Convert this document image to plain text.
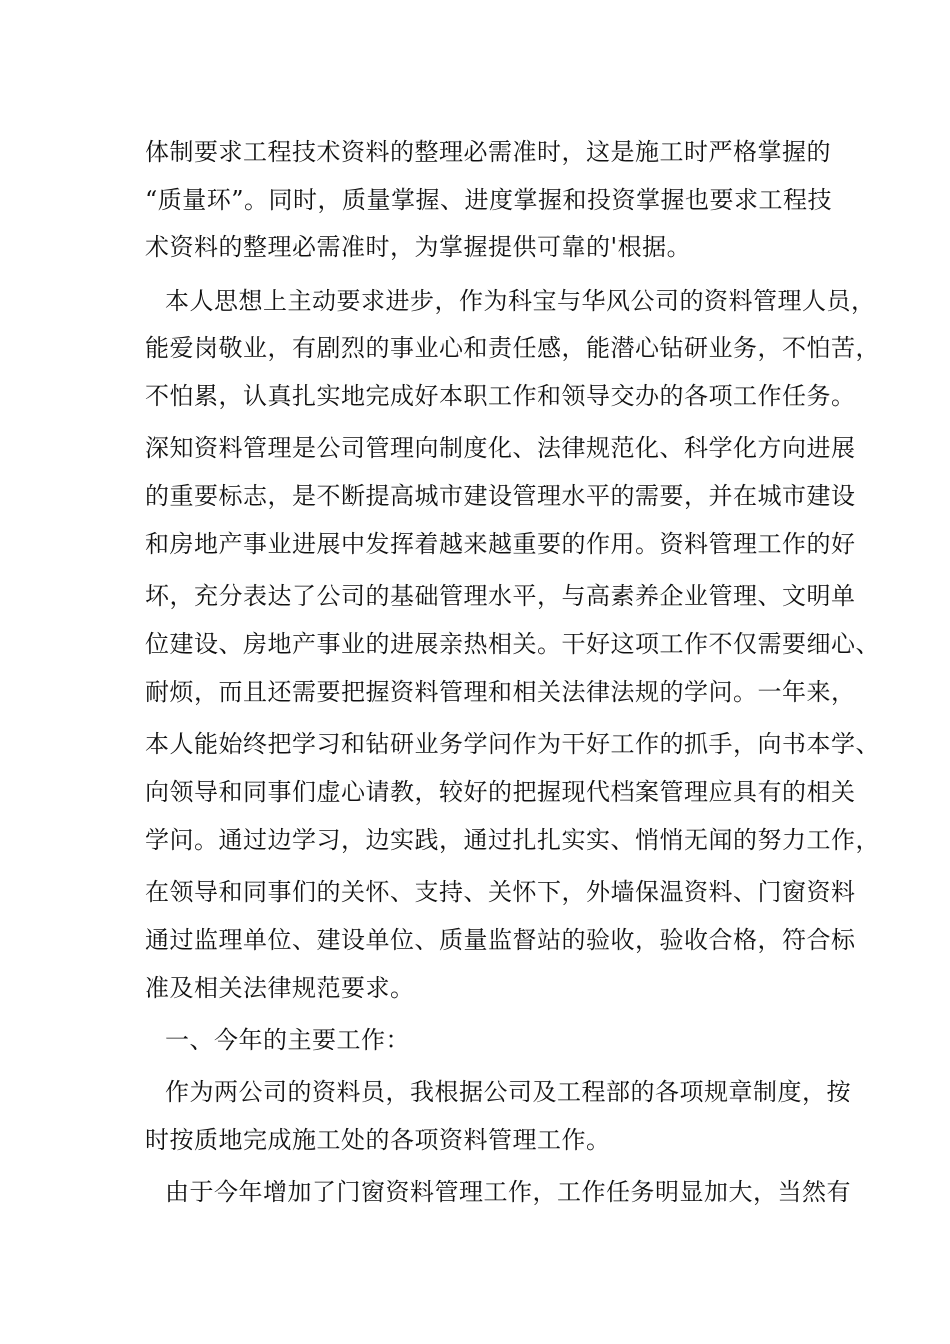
体制要求工程技术资料的整理必需准时，这是施工时严格掌握的
“质量环”。同时，质量掌握、进度掌握和投资掌握也要求工程技
术资料的整理必需准时，为掌握提供可靠的'根据。
本人思想上主动要求进步，作为科宝与华风公司的资料管理人员，
能爱岗敬业，有剧烈的事业心和责任感，能潜心钻研业务，不怕苦，
不怕累，认真扎实地完成好本职工作和领导交办的各项工作任务。
深知资料管理是公司管理向制度化、法律规范化、科学化方向进展
的重要标志，是不断提高城市建设管理水平的需要，并在城市建设
和房地产事业进展中发挥着越来越重要的作用。资料管理工作的好
坏，充分表达了公司的基础管理水平，与高素养企业管理、文明单
位建设、房地产事业的进展亲热相关。干好这项工作不仅需要细心、
耐烦，而且还需要把握资料管理和相关法律法规的学问。一年来，
本人能始终把学习和钻研业务学问作为干好工作的抓手，向书本学、
向领导和同事们虚心请教，较好的把握现代档案管理应具有的相关
学问。通过边学习，边实践，通过扎扎实实、悄悄无闻的努力工作，
在领导和同事们的关怀、支持、关怀下，外墙保温资料、门窗资料
通过监理单位、建设单位、质量监督站的验收，验收合格，符合标
准及相关法律规范要求。
一、今年的主要工作：
作为两公司的资料员，我根据公司及工程部的各项规章制度，按
时按质地完成施工处的各项资料管理工作。
由于今年增加了门窗资料管理工作，工作任务明显加大，当然有
